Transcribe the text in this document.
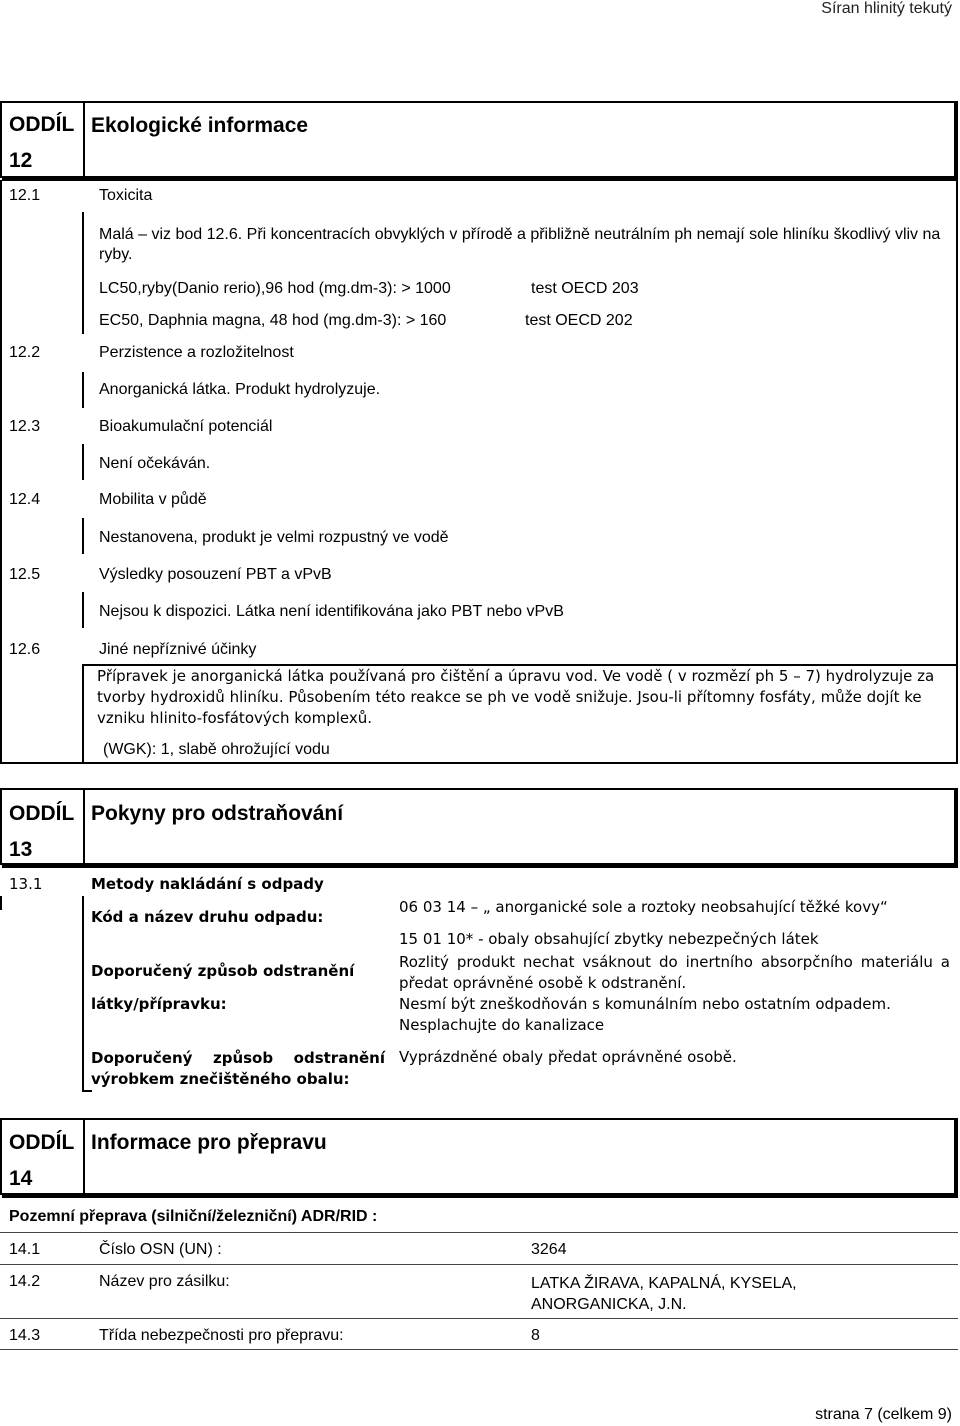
Síran hlinitý tekutý
ODDÍL
12
Ekologické informace
12.1	Toxicita
Malá – viz bod 12.6. Při koncentracích obvyklých v přírodě a přibližně neutrálním ph nemají sole hliníku škodlivý vliv na ryby.
LC50,ryby(Danio rerio),96 hod (mg.dm-3): > 1000	test OECD 203
EC50, Daphnia magna, 48 hod (mg.dm-3): > 160	test OECD 202
12.2	Perzistence a rozložitelnost
Anorganická látka. Produkt hydrolyzuje.
12.3	Bioakumulační potenciál
Není očekáván.
12.4	Mobilita v půdě
Nestanovena, produkt je velmi rozpustný ve vodě
12.5	Výsledky posouzení PBT a vPvB
Nejsou k dispozici. Látka není identifikována jako PBT nebo vPvB
12.6	Jiné nepříznivé účinky
Přípravek je anorganická látka používaná pro čištění a úpravu vod. Ve vodě ( v rozmězí ph 5 – 7) hydrolyzuje za tvorby hydroxidů hliníku. Působením této reakce se ph ve vodě snižuje. Jsou-li přítomny fosfáty, může dojít ke vzniku hlinito-fosfátových komplexů.
(WGK): 1, slabě ohrožující vodu
ODDÍL
13
Pokyny pro odstraňování
13.1	Metody nakládání s odpady
Kód a název druhu odpadu:
06 03 14 – „ anorganické sole a roztoky neobsahující těžké kovy“
15 01 10* - obaly obsahující zbytky nebezpečných látek
Doporučený způsob odstranění
látky/přípravku:
Rozlitý produkt nechat vsáknout do inertního absorpčního materiálu a předat oprávněné osobě k odstranění.
Nesmí být zneškodňován s komunálním nebo ostatním odpadem.
Nesplachujte do kanalizace
Doporučený způsob odstranění výrobkem znečištěného obalu:
Vyprázdněné obaly předat oprávněné osobě.
ODDÍL
14
Informace pro přepravu
Pozemní přeprava (silniční/železniční) ADR/RID :
14.1	Číslo OSN (UN) :	3264
14.2	Název pro zásilku:	LATKA ŽIRAVA, KAPALNÁ, KYSELA, ANORGANICKA, J.N.
14.3	Třída nebezpečnosti pro přepravu:	8
strana 7 (celkem 9)
